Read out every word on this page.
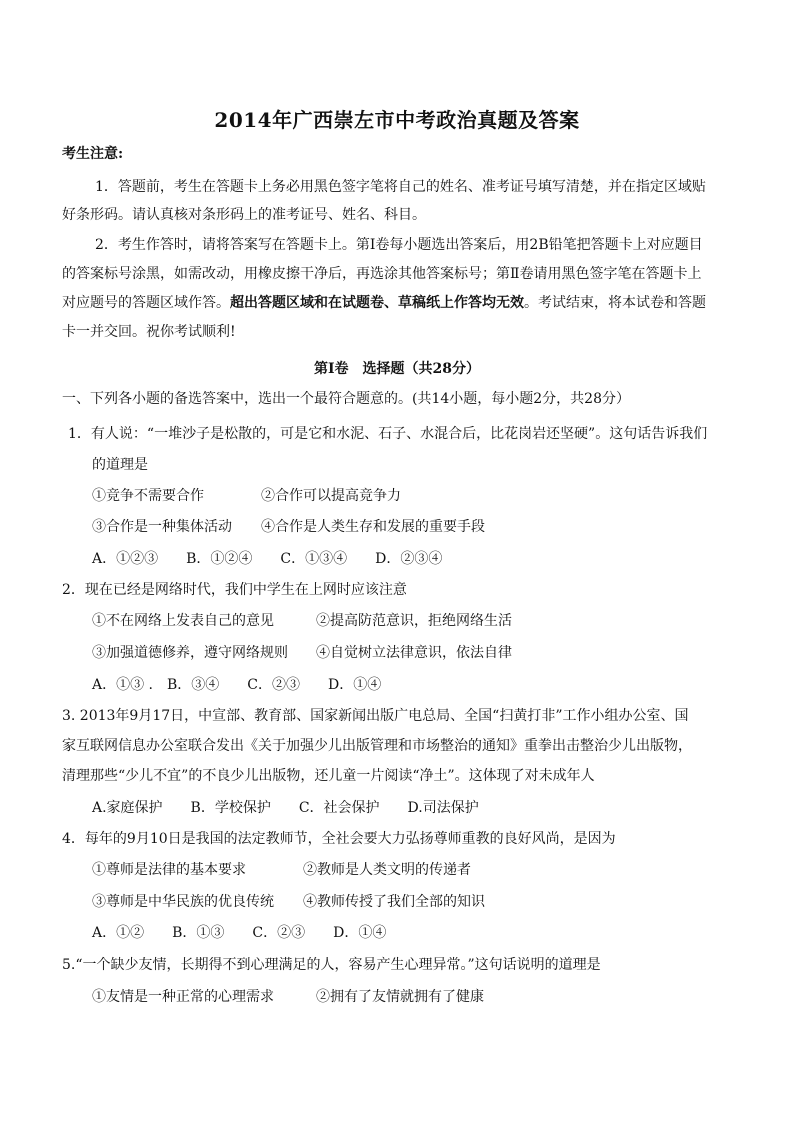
2014年广西崇左市中考政治真题及答案
考生注意:
1．答题前，考生在答题卡上务必用黑色签字笔将自己的姓名、准考证号填写清楚，并在指定区域贴
好条形码。请认真核对条形码上的准考证号、姓名、科目。
2．考生作答时，请将答案写在答题卡上。第Ⅰ卷每小题选出答案后，用2B铅笔把答题卡上对应题目
的答案标号涂黑，如需改动，用橡皮擦干净后，再选涂其他答案标号；第Ⅱ卷请用黑色签字笔在答题卡上
对应题号的答题区域作答。超出答题区域和在试题卷、草稿纸上作答均无效。考试结束，将本试卷和答题
卡一并交回。祝你考试顺利!
第Ⅰ卷　选择题（共28分）
一、下列各小题的备选答案中，选出一个最符合题意的。(共14小题，每小题2分，共28分）
1．有人说：“一堆沙子是松散的，可是它和水泥、石子、水混合后，比花岗岩还坚硬”。这句话告诉我们
的道理是
①竞争不需要合作	②合作可以提高竞争力
③合作是一种集体活动 ④合作是人类生存和发展的重要手段
A．①②③　　B．①②④　　C．①③④　　D．②③④
2．现在已经是网络时代，我们中学生在上网时应该注意
①不在网络上发表自己的意见	②提高防范意识，拒绝网络生活
③加强道德修养，遵守网络规则 ④自觉树立法律意识，依法自律
A．①③ .　B．③④　　C．②③　　D．①④
3. 2013年9月17日，中宣部、教育部、国家新闻出版广电总局、全国“扫黄打非”工作小组办公室、国
家互联网信息办公室联合发出《关于加强少儿出版管理和市场整治的通知》重拳出击整治少儿出版物，
清理那些“少儿不宜”的不良少儿出版物，还儿童一片阅读“净土”。这体现了对未成年人
A.家庭保护　　B．学校保护　　C．社会保护　　D.司法保护
4．每年的9月10日是我国的法定教师节，全社会要大力弘扬尊师重教的良好风尚，是因为
①尊师是法律的基本要求	②教师是人类文明的传递者
③尊师是中华民族的优良传统 ④教师传授了我们全部的知识
A．①②　　B．①③　　C．②③　　D．①④
5.“一个缺少友情，长期得不到心理满足的人，容易产生心理异常。”这句话说明的道理是
①友情是一种正常的心理需求	②拥有了友情就拥有了健康
